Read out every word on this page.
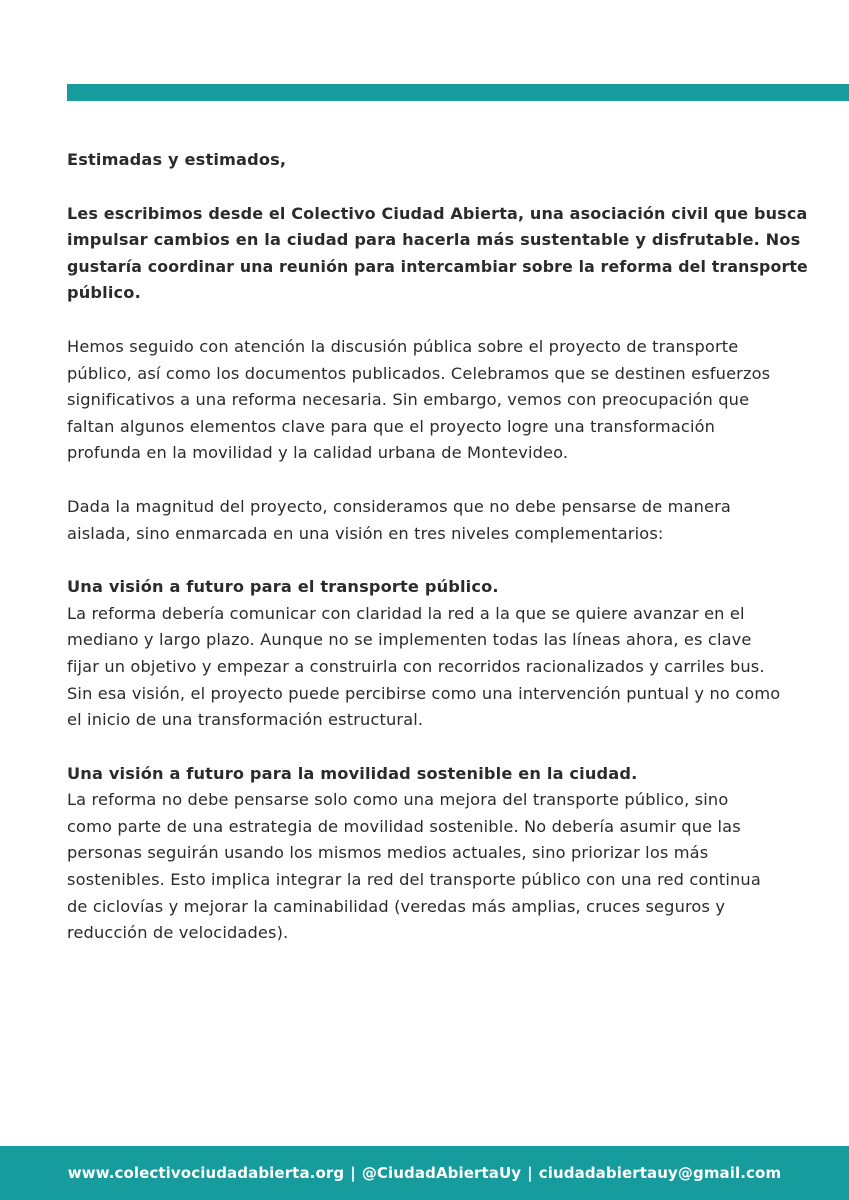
Estimadas y estimados,

Les escribimos desde el Colectivo Ciudad Abierta, una asociación civil que busca
impulsar cambios en la ciudad para hacerla más sustentable y disfrutable. Nos
gustaría coordinar una reunión para intercambiar sobre la reforma del transporte
público.

Hemos seguido con atención la discusión pública sobre el proyecto de transporte
público, así como los documentos publicados. Celebramos que se destinen esfuerzos
significativos a una reforma necesaria. Sin embargo, vemos con preocupación que
faltan algunos elementos clave para que el proyecto logre una transformación
profunda en la movilidad y la calidad urbana de Montevideo.

Dada la magnitud del proyecto, consideramos que no debe pensarse de manera
aislada, sino enmarcada en una visión en tres niveles complementarios:

Una visión a futuro para el transporte público.
La reforma debería comunicar con claridad la red a la que se quiere avanzar en el
mediano y largo plazo. Aunque no se implementen todas las líneas ahora, es clave
fijar un objetivo y empezar a construirla con recorridos racionalizados y carriles bus.
Sin esa visión, el proyecto puede percibirse como una intervención puntual y no como
el inicio de una transformación estructural.

Una visión a futuro para la movilidad sostenible en la ciudad.
La reforma no debe pensarse solo como una mejora del transporte público, sino
como parte de una estrategia de movilidad sostenible. No debería asumir que las
personas seguirán usando los mismos medios actuales, sino priorizar los más
sostenibles. Esto implica integrar la red del transporte público con una red continua
de ciclovías y mejorar la caminabilidad (veredas más amplias, cruces seguros y
reducción de velocidades).

www.colectivociudadabierta.org | @CiudadAbiertaUy | ciudadabiertauy@gmail.com
